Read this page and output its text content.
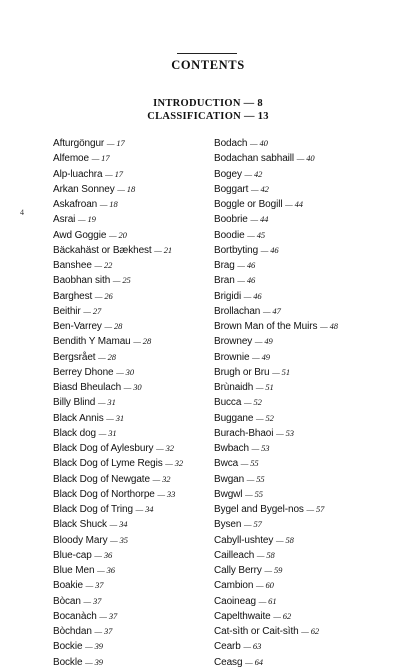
CONTENTS
INTRODUCTION — 8
CLASSIFICATION — 13
4
Afturgöngur — 17
Alfemoe — 17
Alp-luachra — 17
Arkan Sonney — 18
Askafroan — 18
Asrai — 19
Awd Goggie — 20
Bäckahäst or Bækhest — 21
Banshee — 22
Baobhan sith — 25
Barghest — 26
Beithir — 27
Ben-Varrey — 28
Bendith Y Mamau — 28
Bergsrået — 28
Berrey Dhone — 30
Biasd Bheulach — 30
Billy Blind — 31
Black Annis — 31
Black dog — 31
Black Dog of Aylesbury — 32
Black Dog of Lyme Regis — 32
Black Dog of Newgate — 32
Black Dog of Northorpe — 33
Black Dog of Tring — 34
Black Shuck — 34
Bloody Mary — 35
Blue-cap — 36
Blue Men — 36
Boakie — 37
Bòcan — 37
Bocanàch — 37
Bòchdan — 37
Bockie — 39
Bockle — 39
Bodach — 40
Bodachan sabhaill — 40
Bogey — 42
Boggart — 42
Boggle or Bogill — 44
Boobrie — 44
Boodie — 45
Bortbyting — 46
Brag — 46
Bran — 46
Brigidi — 46
Brollachan — 47
Brown Man of the Muirs — 48
Browney — 49
Brownie — 49
Brugh or Bru — 51
Brùnaidh — 51
Bucca — 52
Buggane — 52
Burach-Bhaoi — 53
Bwbach — 53
Bwca — 55
Bwgan — 55
Bwgwl — 55
Bygel and Bygel-nos — 57
Bysen — 57
Cabyll-ushtey — 58
Cailleach — 58
Cally Berry — 59
Cambion — 60
Caoineag — 61
Capelthwaite — 62
Cat-sìth or Cait-sìth — 62
Cearb — 63
Ceasg — 64
